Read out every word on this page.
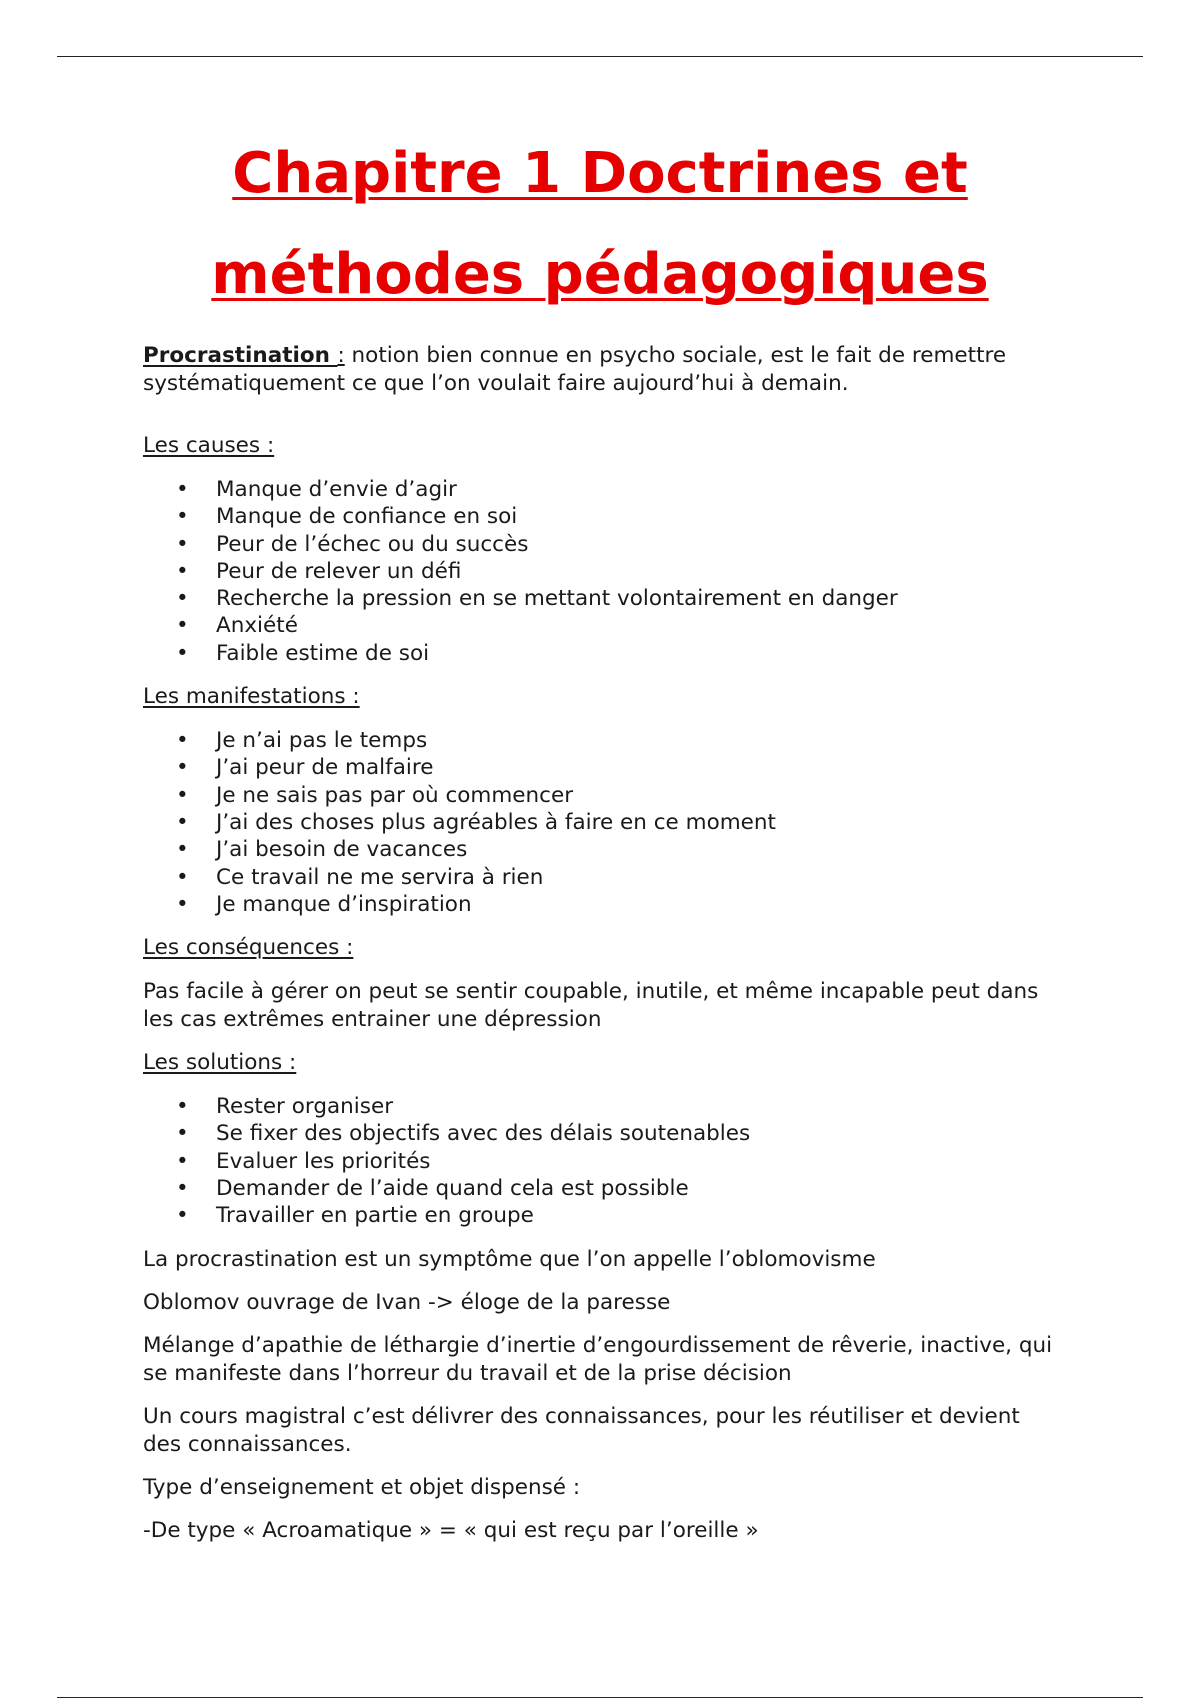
Chapitre 1 Doctrines et
méthodes pédagogiques

Procrastination : notion bien connue en psycho sociale, est le fait de remettre systématiquement ce que l’on voulait faire aujourd’hui à demain.

Les causes :

• Manque d’envie d’agir
• Manque de confiance en soi
• Peur de l’échec ou du succès
• Peur de relever un défi
• Recherche la pression en se mettant volontairement en danger
• Anxiété
• Faible estime de soi

Les manifestations :

• Je n’ai pas le temps
• J’ai peur de malfaire
• Je ne sais pas par où commencer
• J’ai des choses plus agréables à faire en ce moment
• J’ai besoin de vacances
• Ce travail ne me servira à rien
• Je manque d’inspiration

Les conséquences :

Pas facile à gérer on peut se sentir coupable, inutile, et même incapable peut dans les cas extrêmes entrainer une dépression

Les solutions :

• Rester organiser
• Se fixer des objectifs avec des délais soutenables
• Evaluer les priorités
• Demander de l’aide quand cela est possible
• Travailler en partie en groupe

La procrastination est un symptôme que l’on appelle l’oblomovisme

Oblomov ouvrage de Ivan -> éloge de la paresse

Mélange d’apathie de léthargie d’inertie d’engourdissement de rêverie, inactive, qui se manifeste dans l’horreur du travail et de la prise décision

Un cours magistral c’est délivrer des connaissances, pour les réutiliser et devient des connaissances.

Type d’enseignement et objet dispensé :

-De type « Acroamatique » = « qui est reçu par l’oreille »
